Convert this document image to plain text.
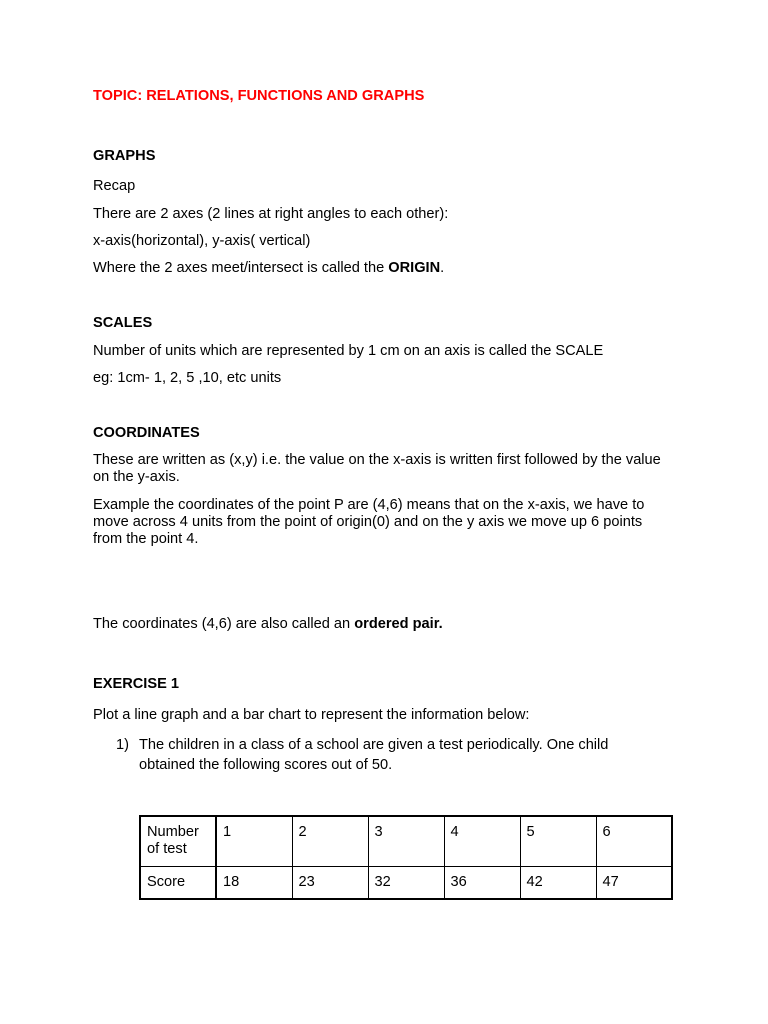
TOPIC: RELATIONS, FUNCTIONS AND GRAPHS
GRAPHS
Recap
There are 2 axes (2 lines at right angles to each other):
x-axis(horizontal), y-axis( vertical)
Where the 2 axes meet/intersect is called the ORIGIN.
SCALES
Number of units which are represented by 1 cm on an axis is called the SCALE
eg: 1cm- 1, 2, 5 ,10, etc units
COORDINATES
These are written as (x,y) i.e. the value on the x-axis is written first followed by the value on the y-axis.
Example the coordinates of the point P are (4,6) means that on the x-axis, we have to move across 4 units from the point of origin(0) and on the y axis we move up 6 points from the point 4.
The coordinates (4,6) are also called an ordered pair.
EXERCISE 1
Plot a line graph and a bar chart to represent the information below:
1) The children in a class of a school are given a test periodically. One child obtained the following scores out of 50.
Number of test	1	2	3	4	5	6
Score	18	23	32	36	42	47
